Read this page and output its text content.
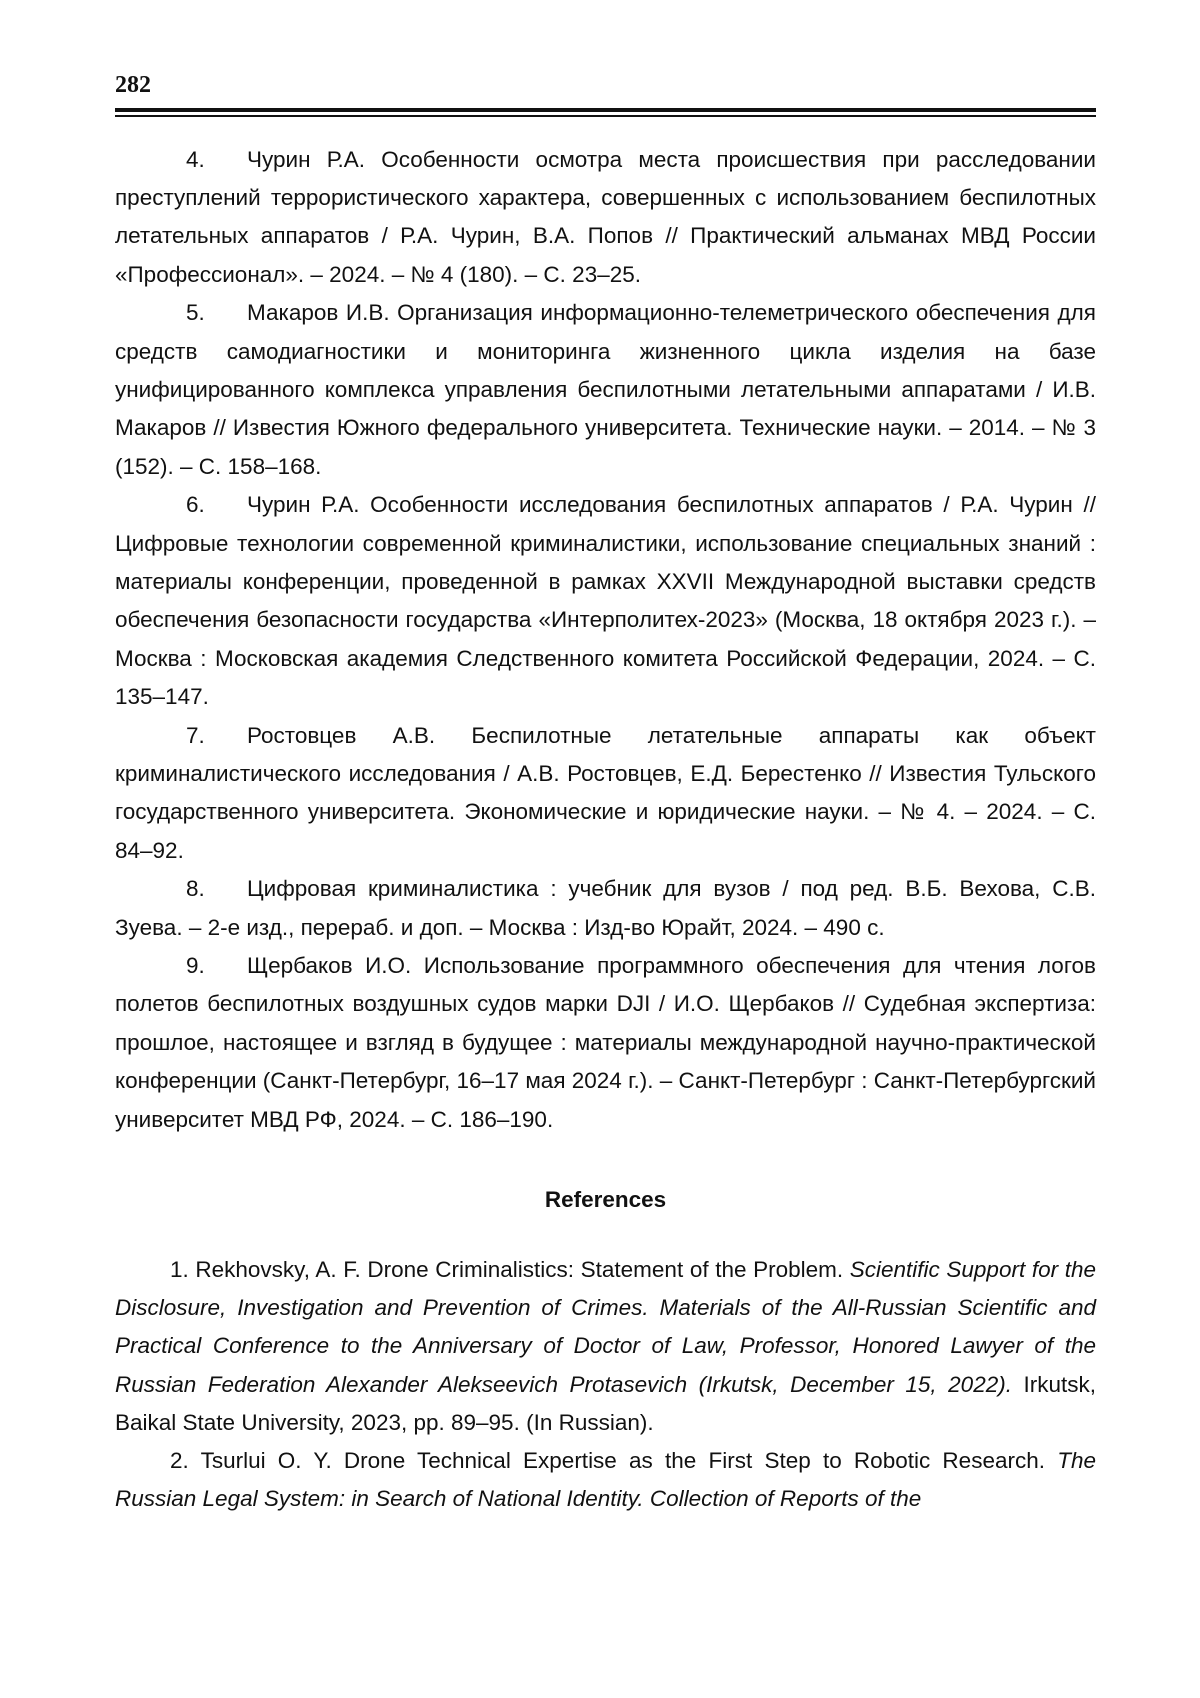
282

4. Чурин Р.А. Особенности осмотра места происшествия при расследовании преступлений террористического характера, совершенных с использованием беспилотных летательных аппаратов / Р.А. Чурин, В.А. Попов // Практический альманах МВД России «Профессионал». – 2024. – № 4 (180). – С. 23–25.

5. Макаров И.В. Организация информационно-телеметрического обеспечения для средств самодиагностики и мониторинга жизненного цикла изделия на базе унифицированного комплекса управления беспилотными летательными аппаратами / И.В. Макаров // Известия Южного федерального университета. Технические науки. – 2014. – № 3 (152). – С. 158–168.

6. Чурин Р.А. Особенности исследования беспилотных аппаратов / Р.А. Чурин // Цифровые технологии современной криминалистики, использование специальных знаний : материалы конференции, проведенной в рамках XXVII Международной выставки средств обеспечения безопасности государства «Интерполитех-2023» (Москва, 18 октября 2023 г.). – Москва : Московская академия Следственного комитета Российской Федерации, 2024. – С. 135–147.

7. Ростовцев А.В. Беспилотные летательные аппараты как объект криминалистического исследования / А.В. Ростовцев, Е.Д. Берестенко // Известия Тульского государственного университета. Экономические и юридические науки. – № 4. – 2024. – С. 84–92.

8. Цифровая криминалистика : учебник для вузов / под ред. В.Б. Вехова, С.В. Зуева. – 2-е изд., перераб. и доп. – Москва : Изд-во Юрайт, 2024. – 490 с.

9. Щербаков И.О. Использование программного обеспечения для чтения логов полетов беспилотных воздушных судов марки DJI / И.О. Щербаков // Судебная экспертиза: прошлое, настоящее и взгляд в будущее : материалы международной научно-практической конференции (Санкт-Петербург, 16–17 мая 2024 г.). – Санкт-Петербург : Санкт-Петербургский университет МВД РФ, 2024. – С. 186–190.

References

1. Rekhovsky, A. F. Drone Criminalistics: Statement of the Problem. Scientific Support for the Disclosure, Investigation and Prevention of Crimes. Materials of the All-Russian Scientific and Practical Conference to the Anniversary of Doctor of Law, Professor, Honored Lawyer of the Russian Federation Alexander Alekseevich Protasevich (Irkutsk, December 15, 2022). Irkutsk, Baikal State University, 2023, pp. 89–95. (In Russian).

2. Tsurlui O. Y. Drone Technical Expertise as the First Step to Robotic Research. The Russian Legal System: in Search of National Identity. Collection of Reports of the
